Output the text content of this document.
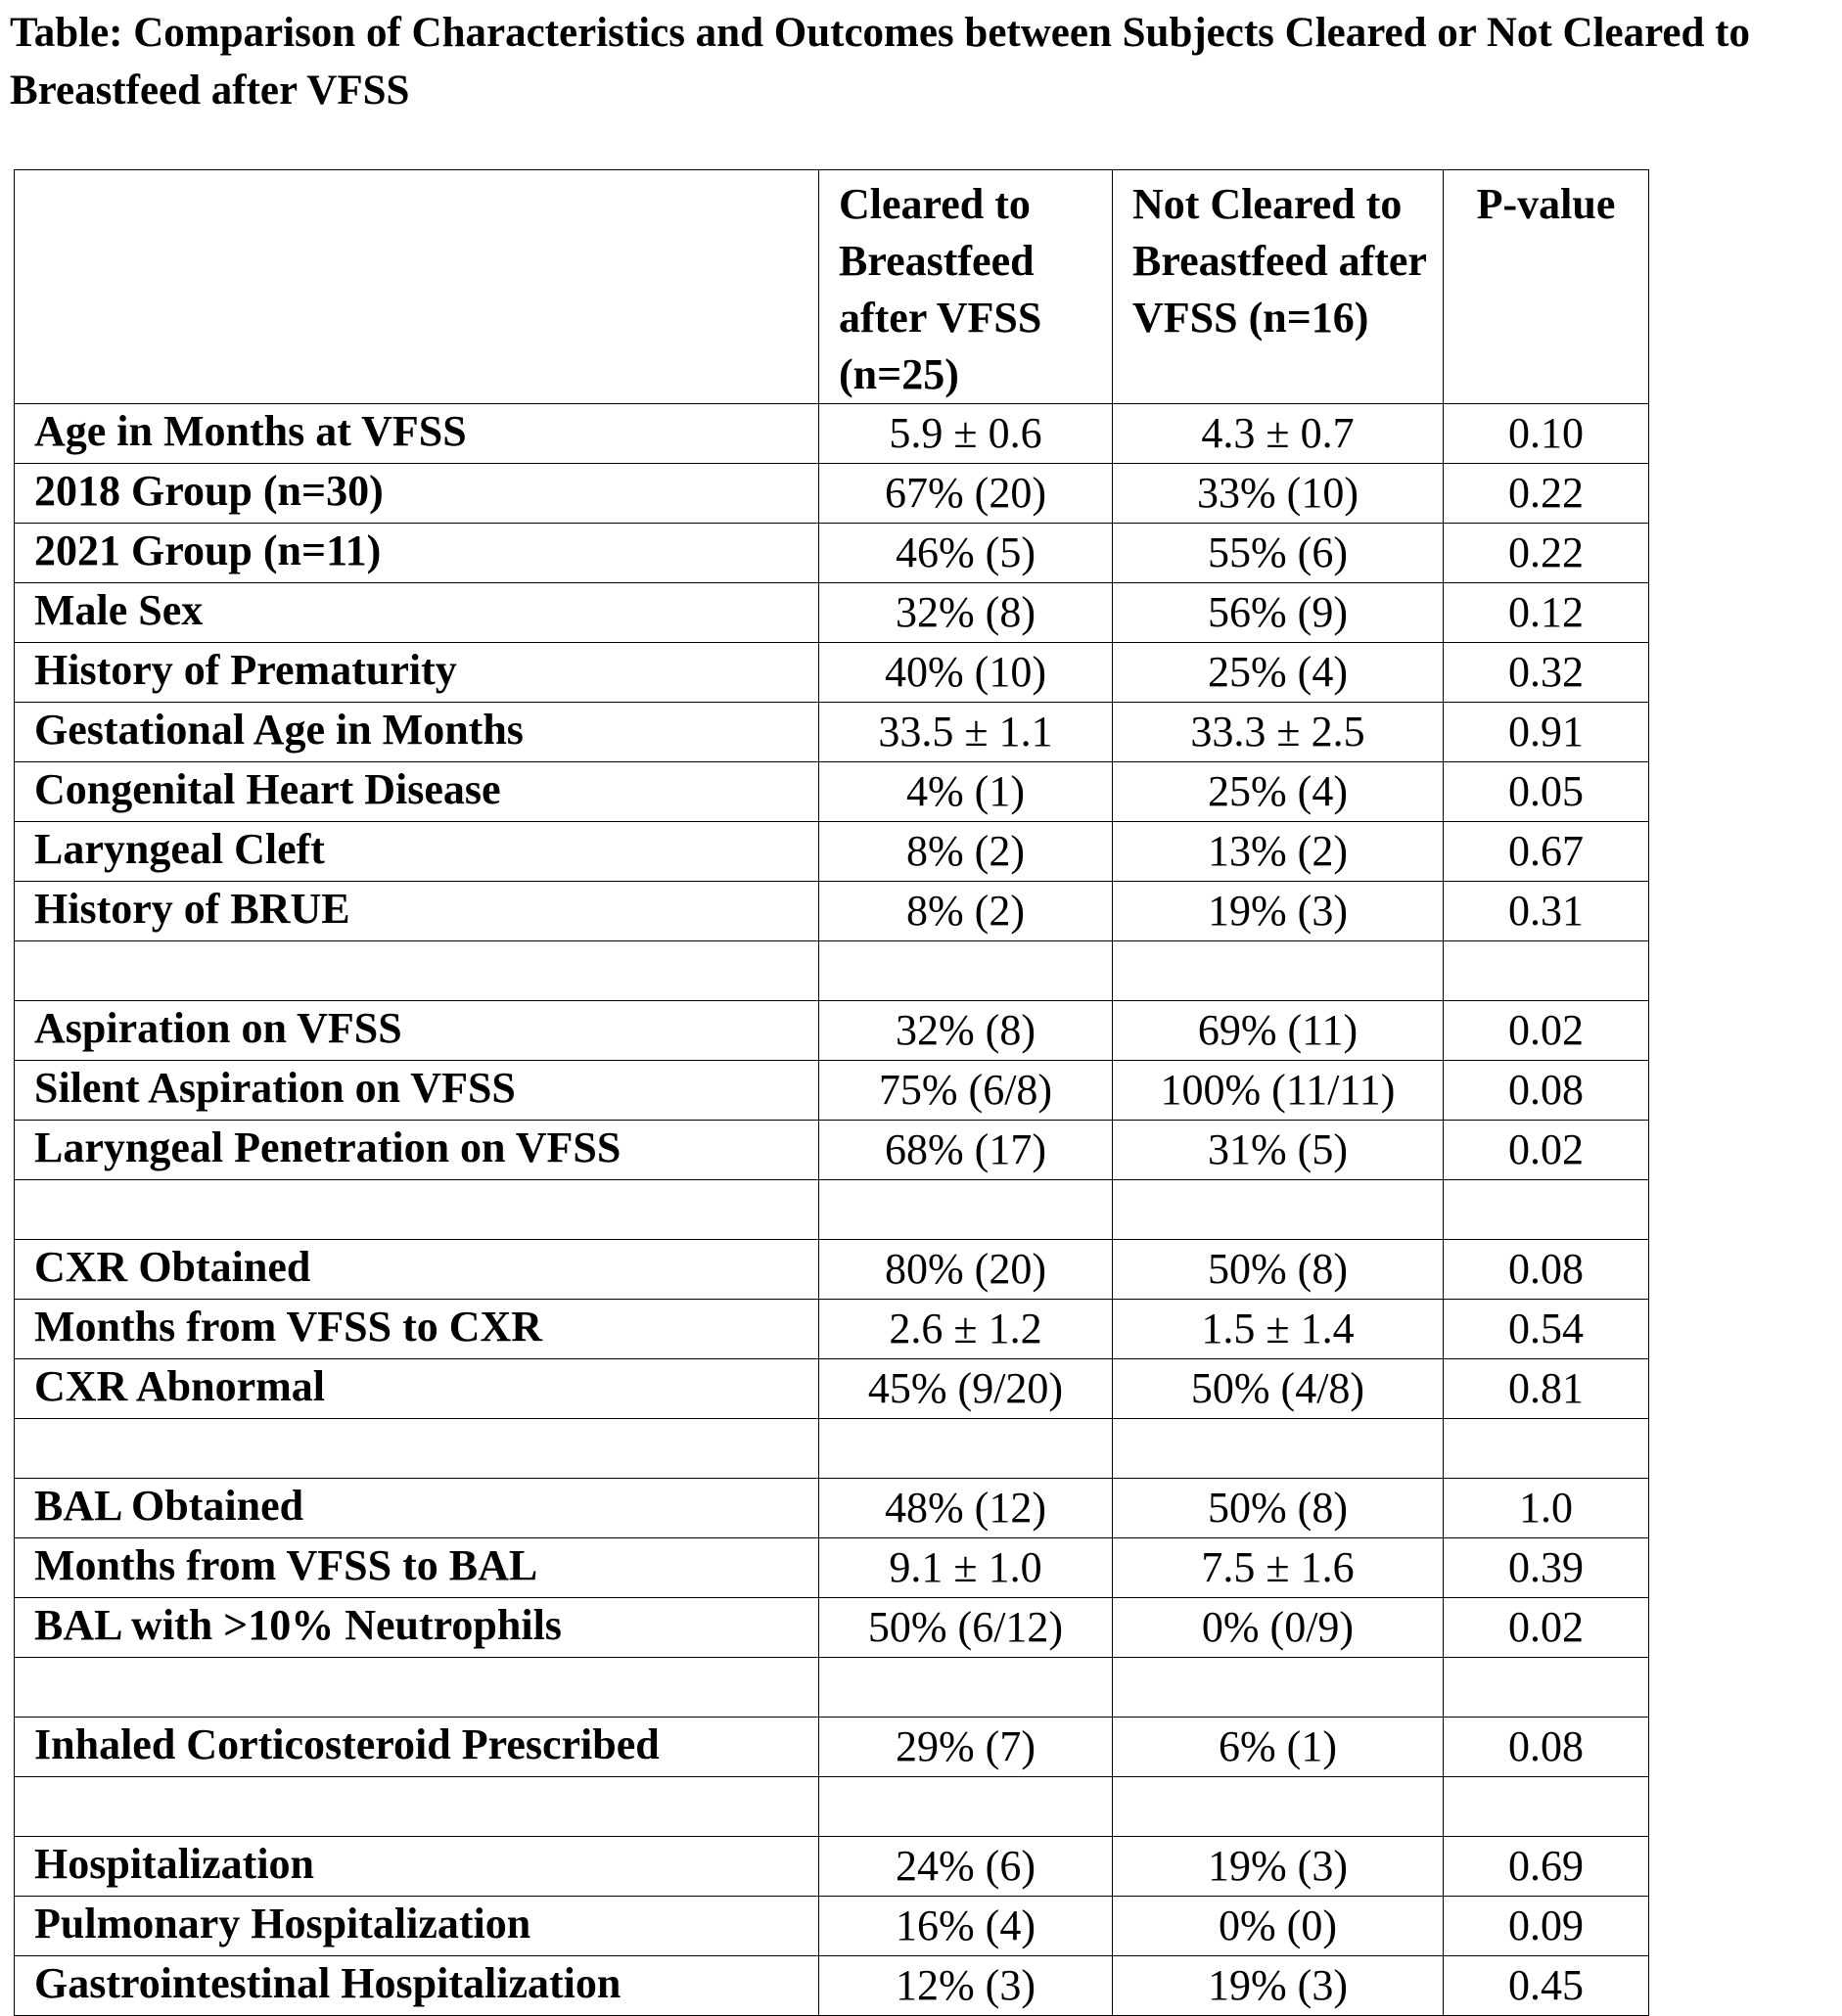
Table: Comparison of Characteristics and Outcomes between Subjects Cleared or Not Cleared to Breastfeed after VFSS
	Cleared to Breastfeed after VFSS (n=25)	Not Cleared to Breastfeed after VFSS (n=16)	P-value
Age in Months at VFSS	5.9 ± 0.6	4.3 ± 0.7	0.10
2018 Group (n=30)	67% (20)	33% (10)	0.22
2021 Group (n=11)	46% (5)	55% (6)	0.22
Male Sex	32% (8)	56% (9)	0.12
History of Prematurity	40% (10)	25% (4)	0.32
Gestational Age in Months	33.5 ± 1.1	33.3 ± 2.5	0.91
Congenital Heart Disease	4% (1)	25% (4)	0.05
Laryngeal Cleft	8% (2)	13% (2)	0.67
History of BRUE	8% (2)	19% (3)	0.31

Aspiration on VFSS	32% (8)	69% (11)	0.02
Silent Aspiration on VFSS	75% (6/8)	100% (11/11)	0.08
Laryngeal Penetration on VFSS	68% (17)	31% (5)	0.02

CXR Obtained	80% (20)	50% (8)	0.08
Months from VFSS to CXR	2.6 ± 1.2	1.5 ± 1.4	0.54
CXR Abnormal	45% (9/20)	50% (4/8)	0.81

BAL Obtained	48% (12)	50% (8)	1.0
Months from VFSS to BAL	9.1 ± 1.0	7.5 ± 1.6	0.39
BAL with >10% Neutrophils	50% (6/12)	0% (0/9)	0.02

Inhaled Corticosteroid Prescribed	29% (7)	6% (1)	0.08

Hospitalization	24% (6)	19% (3)	0.69
Pulmonary Hospitalization	16% (4)	0% (0)	0.09
Gastrointestinal Hospitalization	12% (3)	19% (3)	0.45
